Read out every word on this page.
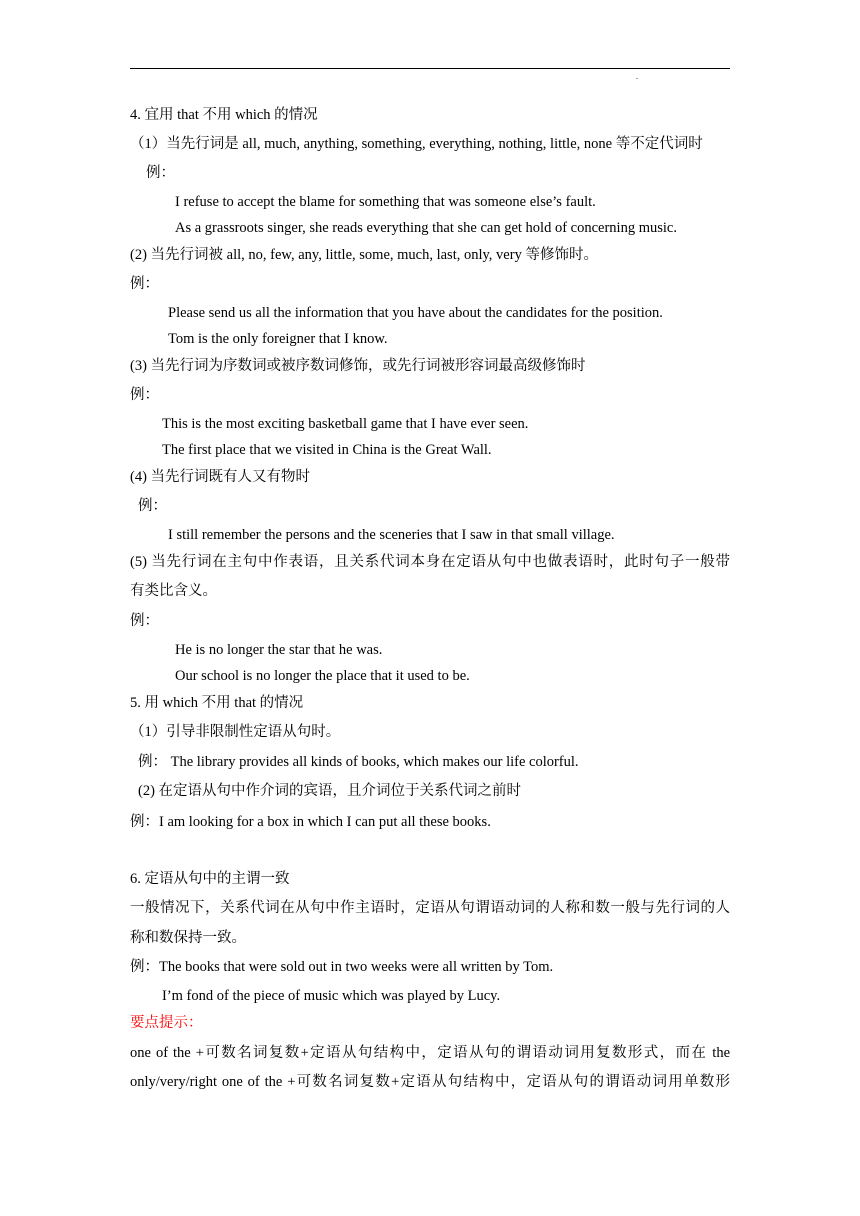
.
4. 宜用 that 不用 which 的情况
（1）当先行词是 all, much, anything, something, everything, nothing, little, none 等不定代词时
例：
I refuse to accept the blame for something that was someone else’s fault.
As a grassroots singer, she reads everything that she can get hold of concerning music.
(2) 当先行词被 all, no, few, any, little, some, much, last, only, very 等修饰时。
例：
Please send us all the information that you have about the candidates for the position.
Tom is the only foreigner that I know.
(3) 当先行词为序数词或被序数词修饰，或先行词被形容词最高级修饰时
例：
This is the most exciting basketball game that I have ever seen.
The first place that we visited in China is the Great Wall.
(4) 当先行词既有人又有物时
例：
I still remember the persons and the sceneries that I saw in that small village.
(5) 当先行词在主句中作表语，且关系代词本身在定语从句中也做表语时，此时句子一般带
有类比含义。
例：
He is no longer the star that he was.
Our school is no longer the place that it used to be.
5. 用 which 不用 that 的情况
（1）引导非限制性定语从句时。
例： The library provides all kinds of books, which makes our life colorful.
(2) 在定语从句中作介词的宾语，且介词位于关系代词之前时
例：I am looking for a box in which I can put all these books.
6. 定语从句中的主谓一致
一般情况下，关系代词在从句中作主语时，定语从句谓语动词的人称和数一般与先行词的人
称和数保持一致。
例：The books that were sold out in two weeks were all written by Tom.
I’m fond of the piece of music which was played by Lucy.
要点提示：
one of the +可数名词复数+定语从句结构中，定语从句的谓语动词用复数形式，而在 the
only/very/right one of the +可数名词复数+定语从句结构中，定语从句的谓语动词用单数形
